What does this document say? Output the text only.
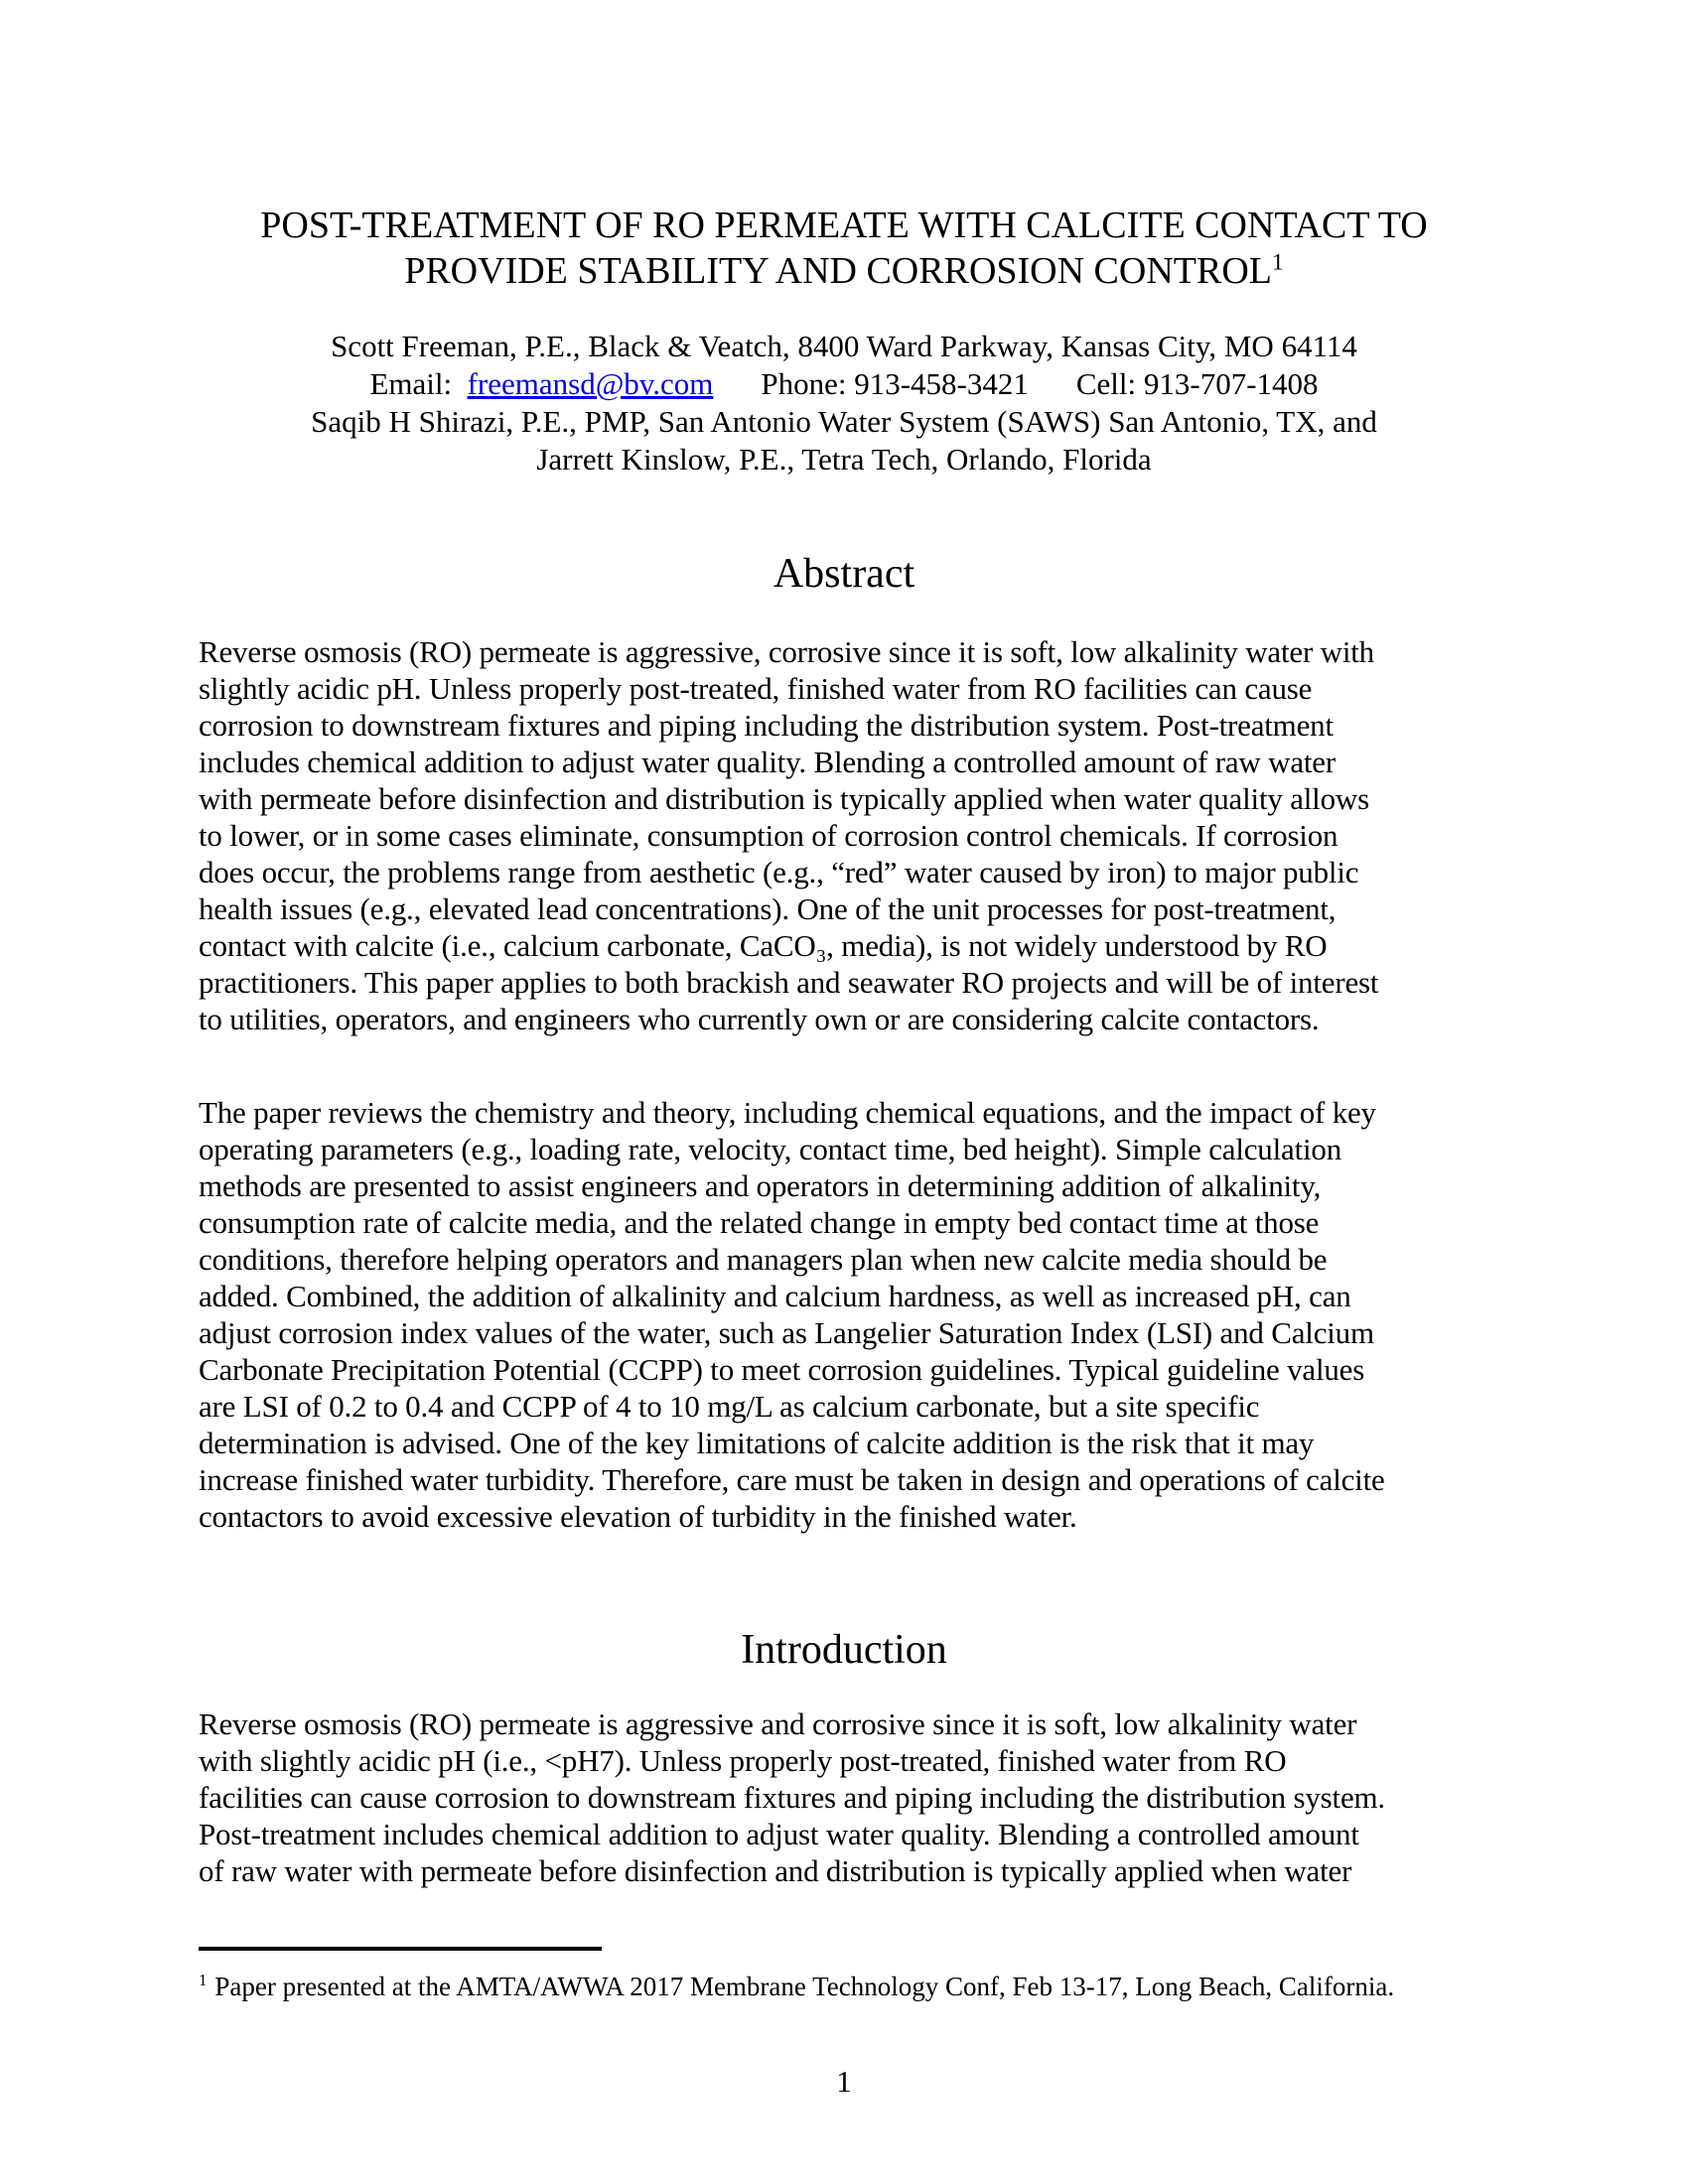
POST-TREATMENT OF RO PERMEATE WITH CALCITE CONTACT TO
PROVIDE STABILITY AND CORROSION CONTROL$^1$
Scott Freeman, P.E., Black & Veatch, 8400 Ward Parkway, Kansas City, MO 64114
Email: freemansd@bv.com Phone: 913-458-3421 Cell: 913-707-1408
Saqib H Shirazi, P.E., PMP, San Antonio Water System (SAWS) San Antonio, TX, and
Jarrett Kinslow, P.E., Tetra Tech, Orlando, Florida
Abstract
Reverse osmosis (RO) permeate is aggressive, corrosive since it is soft, low alkalinity water with
slightly acidic pH. Unless properly post-treated, finished water from RO facilities can cause
corrosion to downstream fixtures and piping including the distribution system. Post-treatment
includes chemical addition to adjust water quality. Blending a controlled amount of raw water
with permeate before disinfection and distribution is typically applied when water quality allows
to lower, or in some cases eliminate, consumption of corrosion control chemicals. If corrosion
does occur, the problems range from aesthetic (e.g., “red” water caused by iron) to major public
health issues (e.g., elevated lead concentrations). One of the unit processes for post-treatment,
contact with calcite (i.e., calcium carbonate, CaCO₃, media), is not widely understood by RO
practitioners. This paper applies to both brackish and seawater RO projects and will be of interest
to utilities, operators, and engineers who currently own or are considering calcite contactors.
The paper reviews the chemistry and theory, including chemical equations, and the impact of key
operating parameters (e.g., loading rate, velocity, contact time, bed height). Simple calculation
methods are presented to assist engineers and operators in determining addition of alkalinity,
consumption rate of calcite media, and the related change in empty bed contact time at those
conditions, therefore helping operators and managers plan when new calcite media should be
added. Combined, the addition of alkalinity and calcium hardness, as well as increased pH, can
adjust corrosion index values of the water, such as Langelier Saturation Index (LSI) and Calcium
Carbonate Precipitation Potential (CCPP) to meet corrosion guidelines. Typical guideline values
are LSI of 0.2 to 0.4 and CCPP of 4 to 10 mg/L as calcium carbonate, but a site specific
determination is advised. One of the key limitations of calcite addition is the risk that it may
increase finished water turbidity. Therefore, care must be taken in design and operations of calcite
contactors to avoid excessive elevation of turbidity in the finished water.
Introduction
Reverse osmosis (RO) permeate is aggressive and corrosive since it is soft, low alkalinity water
with slightly acidic pH (i.e., <pH7). Unless properly post-treated, finished water from RO
facilities can cause corrosion to downstream fixtures and piping including the distribution system.
Post-treatment includes chemical addition to adjust water quality. Blending a controlled amount
of raw water with permeate before disinfection and distribution is typically applied when water
$^1$ Paper presented at the AMTA/AWWA 2017 Membrane Technology Conf, Feb 13-17, Long Beach, California.
1
